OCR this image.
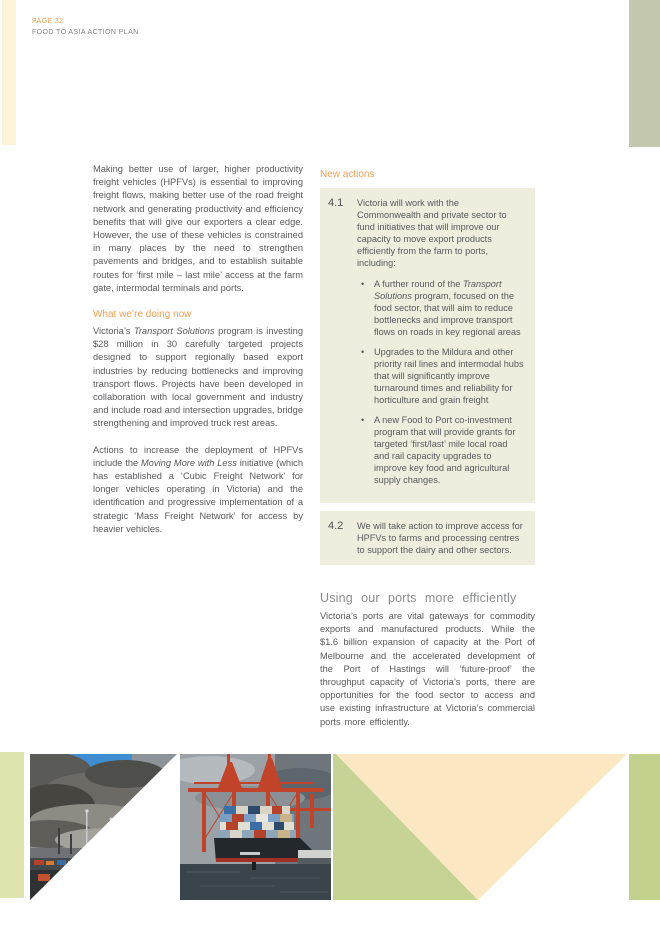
PAGE 32
FOOD TO ASIA ACTION PLAN

Making better use of larger, higher productivity freight vehicles (HPFVs) is essential to improving freight flows, making better use of the road freight network and generating productivity and efficiency benefits that will give our exporters a clear edge. However, the use of these vehicles is constrained in many places by the need to strengthen pavements and bridges, and to establish suitable routes for ‘first mile – last mile’ access at the farm gate, intermodal terminals and ports.

What we’re doing now

Victoria’s Transport Solutions program is investing $28 million in 30 carefully targeted projects designed to support regionally based export industries by reducing bottlenecks and improving transport flows. Projects have been developed in collaboration with local government and industry and include road and intersection upgrades, bridge strengthening and improved truck rest areas.

Actions to increase the deployment of HPFVs include the Moving More with Less initiative (which has established a ‘Cubic Freight Network’ for longer vehicles operating in Victoria) and the identification and progressive implementation of a strategic ‘Mass Freight Network’ for access by heavier vehicles.

New actions
4.1	Victoria will work with the Commonwealth and private sector to fund initiatives that will improve our capacity to move export products efficiently from the farm to ports, including:
•	A further round of the Transport Solutions program, focused on the food sector, that will aim to reduce bottlenecks and improve transport flows on roads in key regional areas
•	Upgrades to the Mildura and other priority rail lines and intermodal hubs that will significantly improve turnaround times and reliability for horticulture and grain freight
•	A new Food to Port co-investment program that will provide grants for targeted ‘first/last’ mile local road and rail capacity upgrades to improve key food and agricultural supply changes.
4.2	We will take action to improve access for HPFVs to farms and processing centres to support the dairy and other sectors.
Using our ports more efficiently

Victoria’s ports are vital gateways for commodity exports and manufactured products. While the $1.6 billion expansion of capacity at the Port of Melbourne and the accelerated development of the Port of Hastings will ‘future-proof’ the throughput capacity of Victoria’s ports, there are opportunities for the food sector to access and use existing infrastructure at Victoria’s commercial ports more efficiently.
